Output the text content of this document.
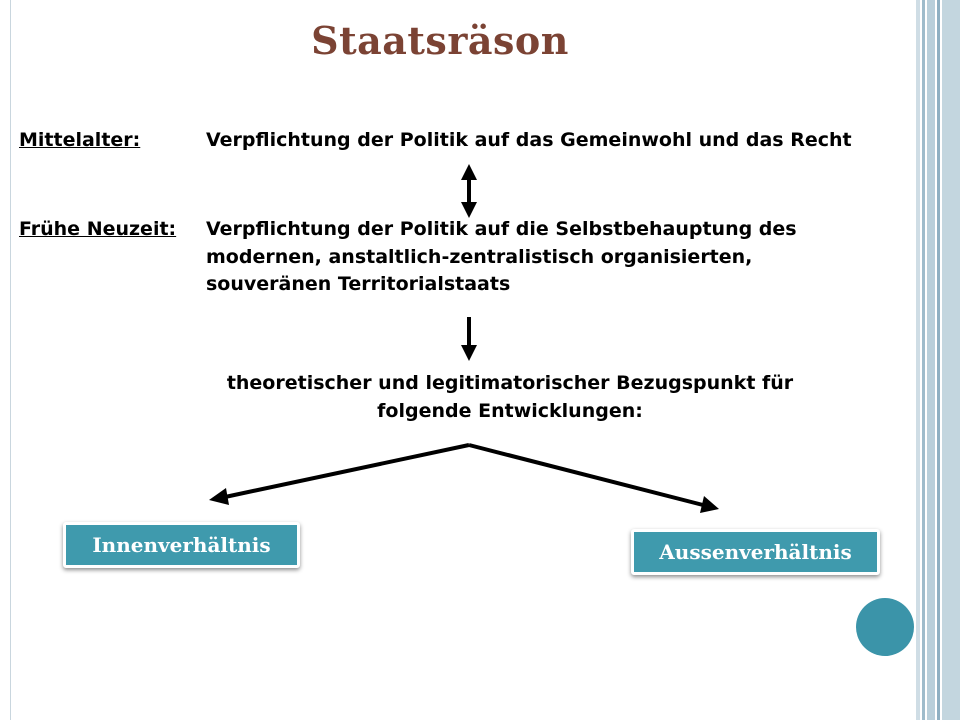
Staatsräson
Mittelalter:	Verpflichtung der Politik auf das Gemeinwohl und das Recht
Frühe Neuzeit: Verpflichtung der Politik auf die Selbstbehauptung des
modernen, anstaltlich-zentralistisch organisierten,
souveränen Territorialstaats
theoretischer und legitimatorischer Bezugspunkt für
folgende Entwicklungen:
Innenverhältnis	Aussenverhältnis
